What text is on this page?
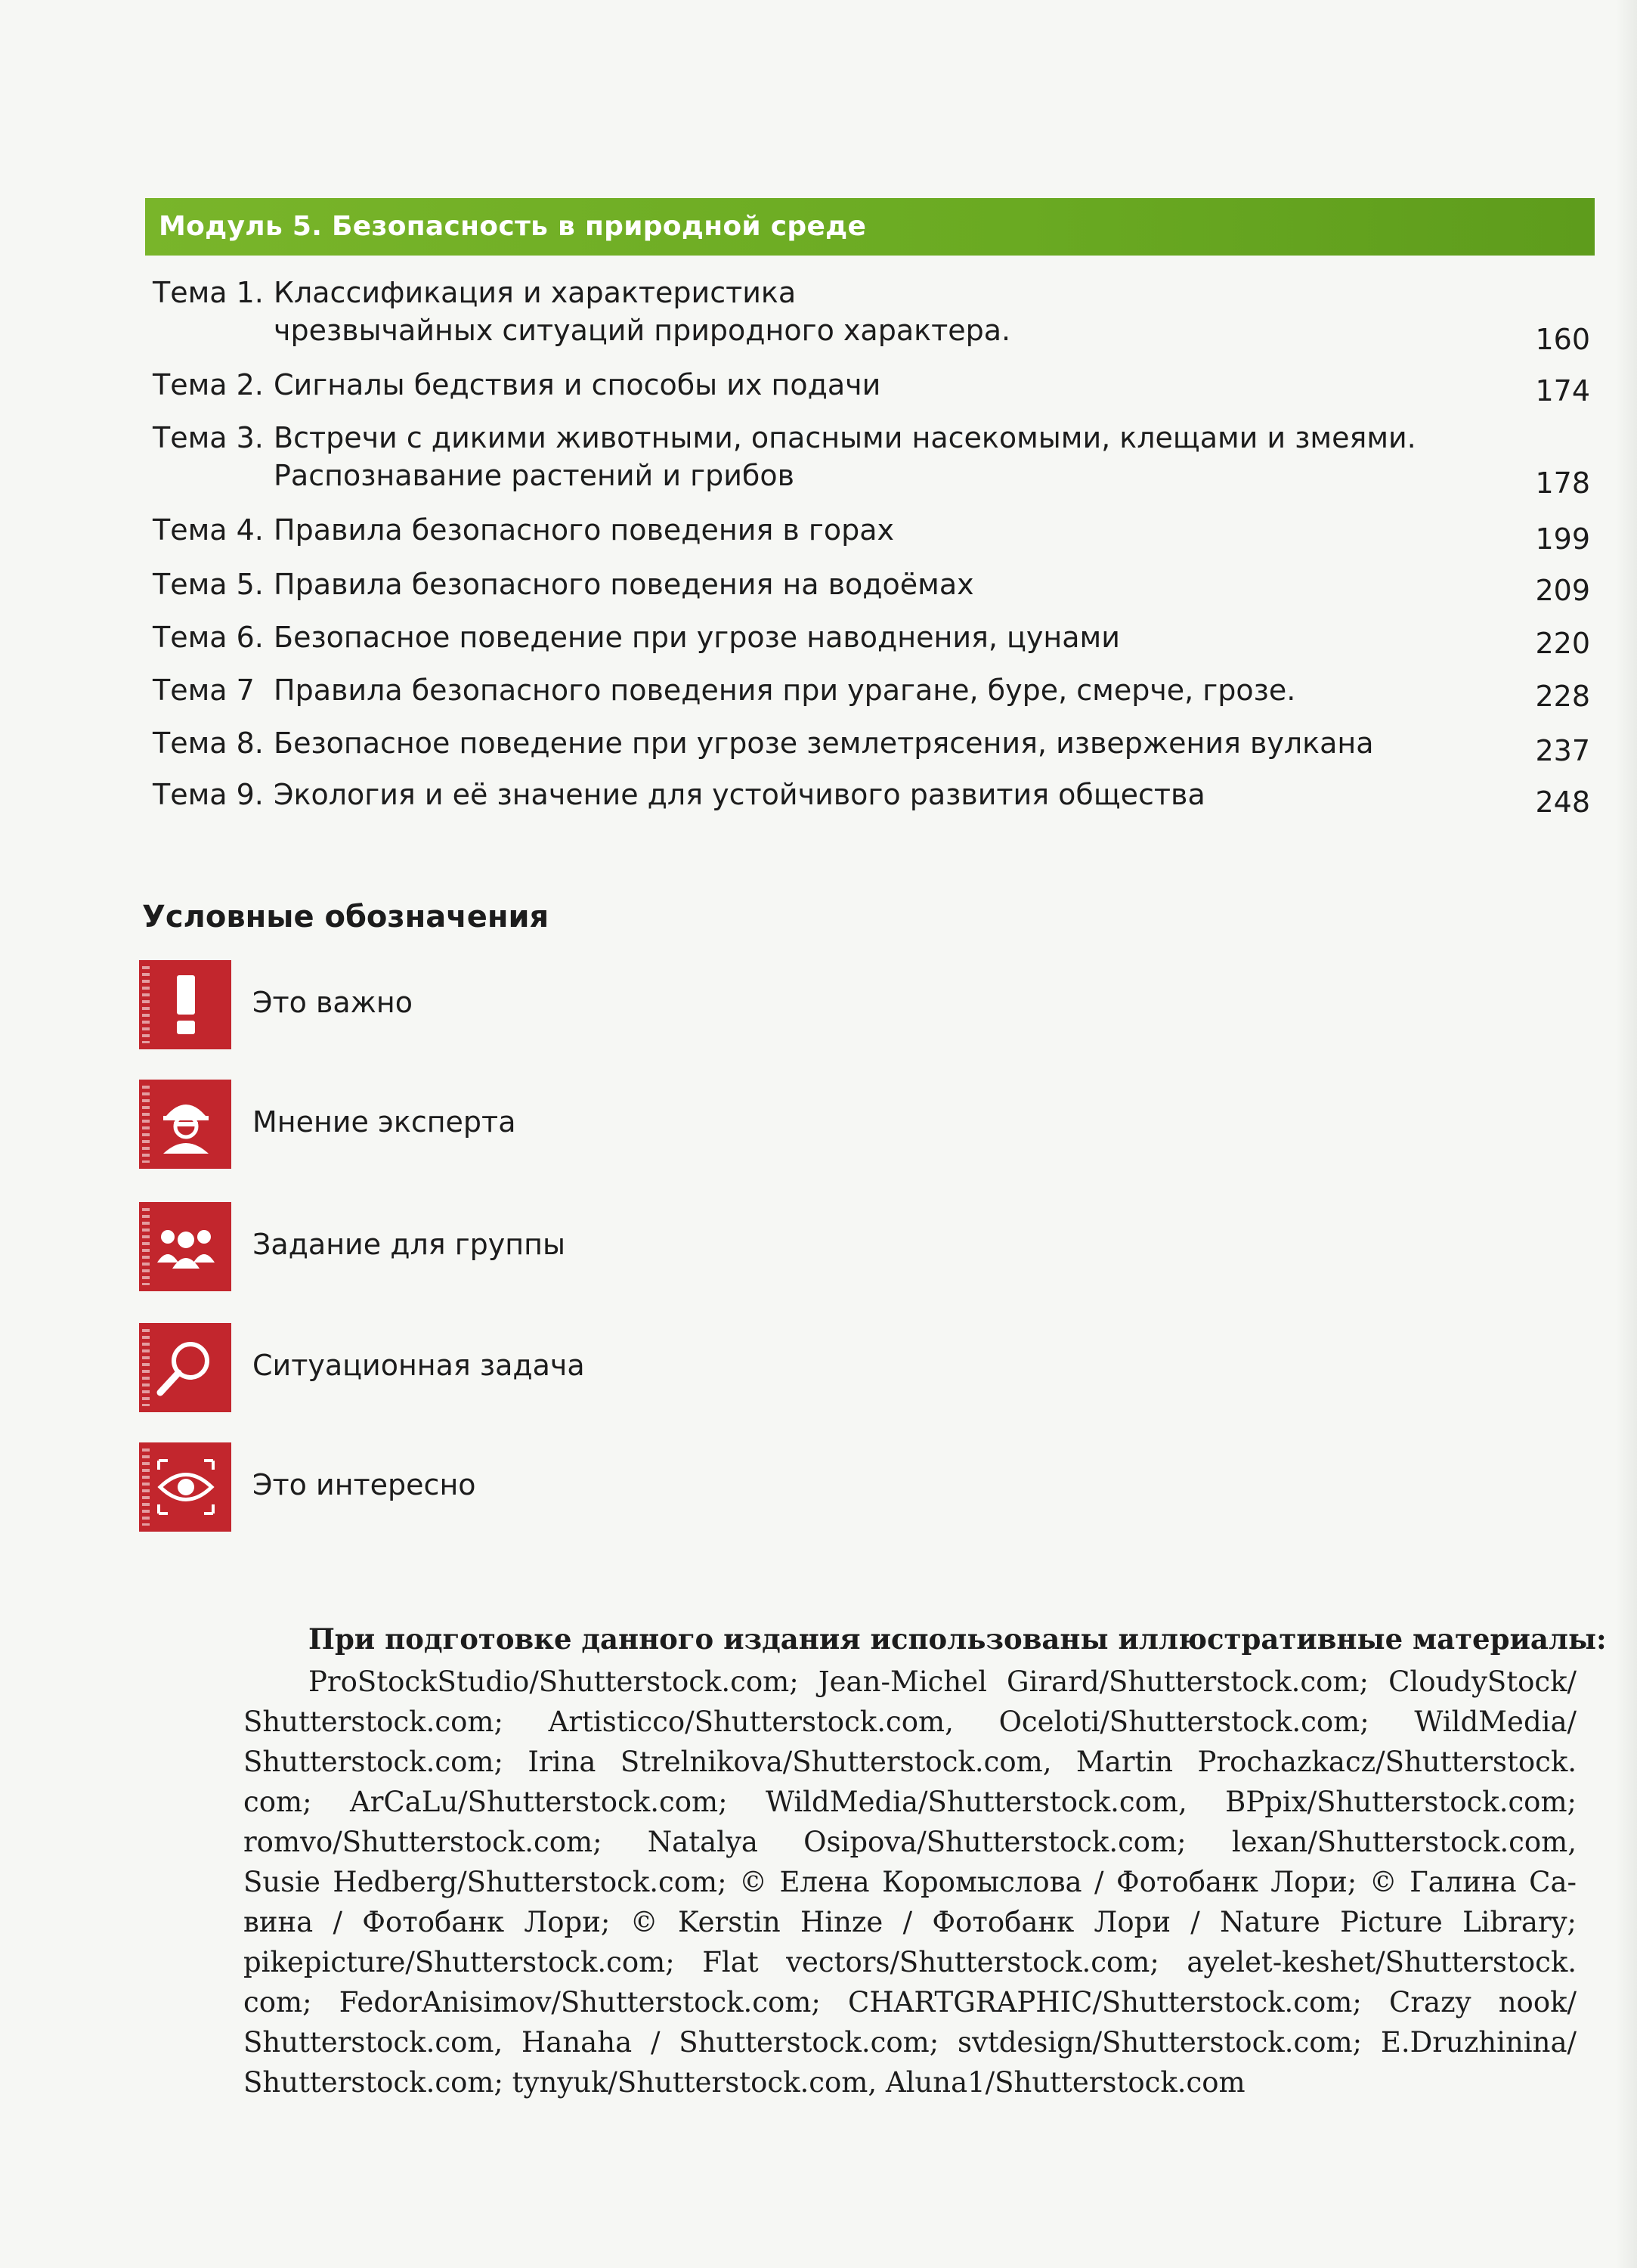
Модуль 5. Безопасность в природной среде
Тема 1. Классификация и характеристика
чрезвычайных ситуаций природного характера.	160
Тема 2. Сигналы бедствия и способы их подачи	174
Тема 3. Встречи с дикими животными, опасными насекомыми, клещами и змеями.
Распознавание растений и грибов	178
Тема 4. Правила безопасного поведения в горах	199
Тема 5. Правила безопасного поведения на водоёмах	209
Тема 6. Безопасное поведение при угрозе наводнения, цунами	220
Тема 7 Правила безопасного поведения при урагане, буре, смерче, грозе.	228
Тема 8. Безопасное поведение при угрозе землетрясения, извержения вулкана	237
Тема 9. Экология и её значение для устойчивого развития общества	248
Условные обозначения
Это важно
Мнение эксперта
Задание для группы
Ситуационная задача
Это интересно
При подготовке данного издания использованы иллюстративные материалы:
ProStockStudio/Shutterstock.com; Jean-Michel Girard/Shutterstock.com; CloudyStock/
Shutterstock.com; Artisticco/Shutterstock.com, Oceloti/Shutterstock.com; WildMedia/
Shutterstock.com; Irina Strelnikova/Shutterstock.com, Martin Prochazkacz/Shutterstock.
com; ArCaLu/Shutterstock.com; WildMedia/Shutterstock.com, BPpix/Shutterstock.com;
romvo/Shutterstock.com; Natalya Osipova/Shutterstock.com; lexan/Shutterstock.com,
Susie Hedberg/Shutterstock.com; © Елена Коромыслова / Фотобанк Лори; © Галина Са-
вина / Фотобанк Лори; © Kerstin Hinze / Фотобанк Лори / Nature Picture Library;
pikepicture/Shutterstock.com; Flat vectors/Shutterstock.com; ayelet-keshet/Shutterstock.
com; FedorAnisimov/Shutterstock.com; CHARTGRAPHIC/Shutterstock.com; Crazy nook/
Shutterstock.com, Hanaha / Shutterstock.com; svtdesign/Shutterstock.com; E.Druzhinina/
Shutterstock.com; tynyuk/Shutterstock.com, Aluna1/Shutterstock.com
